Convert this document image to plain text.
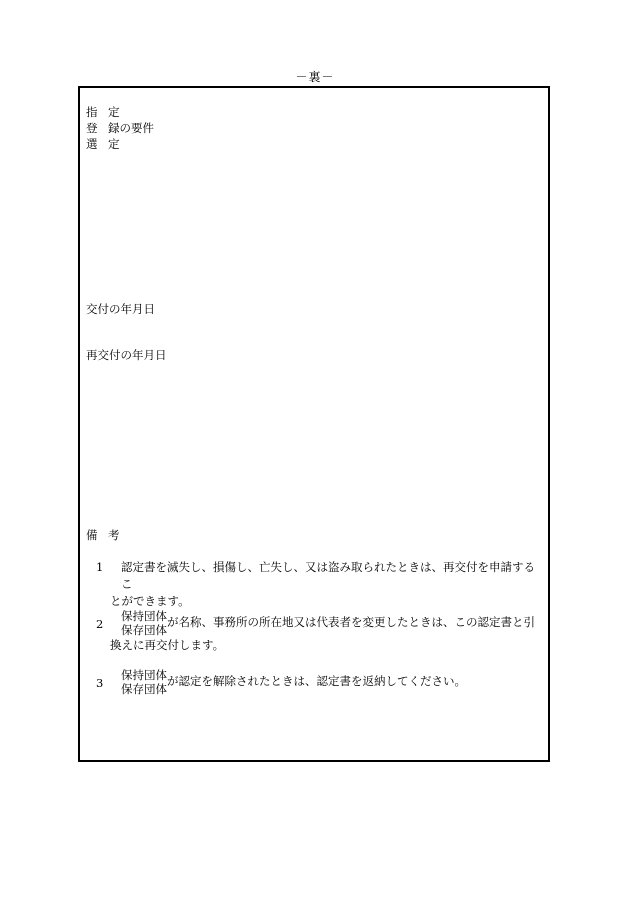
－裏－
指 定
登 録の要件
選 定
交付の年月日
再交付の年月日
備 考
1 認定書を滅失し、損傷し、亡失し、又は盗み取られたときは、再交付を申請するこ
とができます。
2
保持団体
保存団体
が名称、事務所の所在地又は代表者を変更したときは、この認定書と引
換えに再交付します。
3
保持団体
保存団体
が認定を解除されたときは、認定書を返納してください。
